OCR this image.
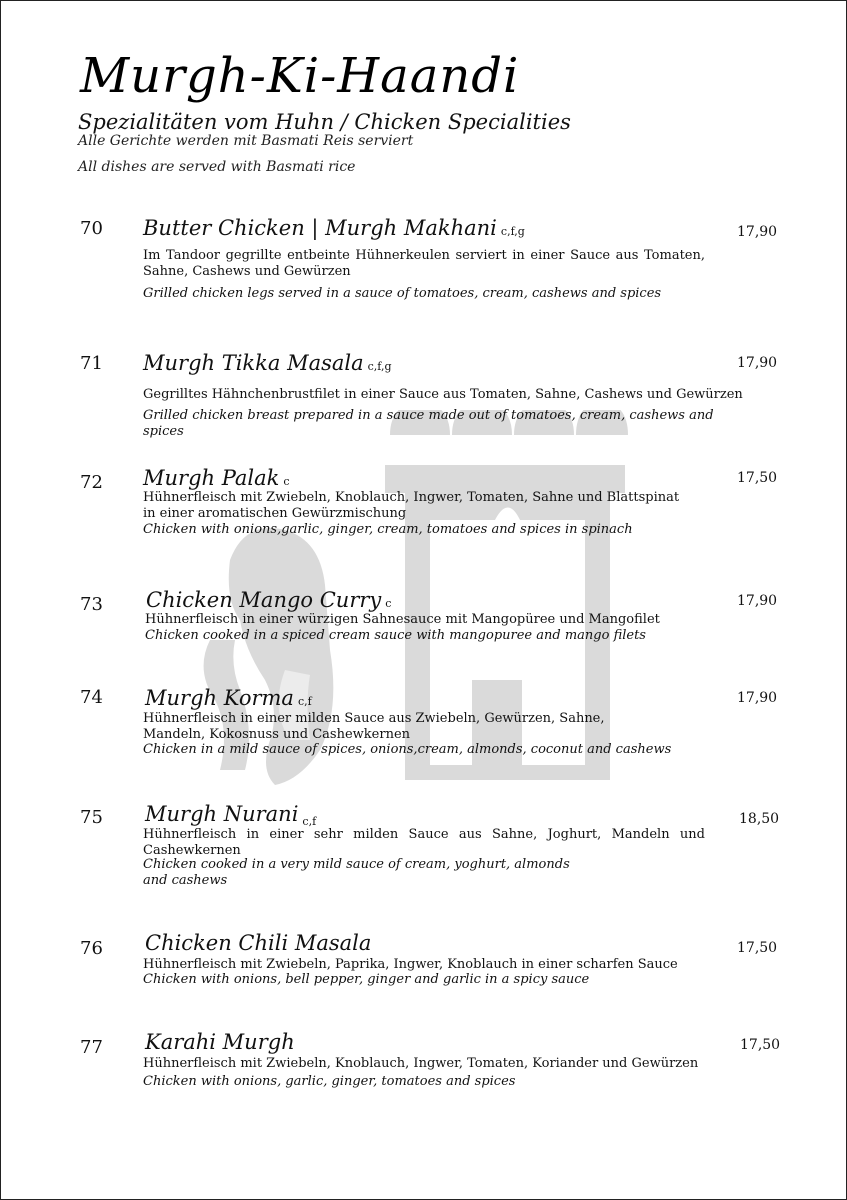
Murgh-Ki-Haandi
Spezialitäten vom Huhn / Chicken Specialities
Alle Gerichte werden mit Basmati Reis serviert
All dishes are served with Basmati rice
70 Butter Chicken | Murgh Makhani c,f,g	17,90
Im Tandoor gegrillte entbeinte Hühnerkeulen serviert in einer Sauce aus Tomaten, Sahne, Cashews und Gewürzen
Grilled chicken legs served in a sauce of tomatoes, cream, cashews and spices
71 Murgh Tikka Masala c,f,g	17,90
Gegrilltes Hähnchenbrustfilet in einer Sauce aus Tomaten, Sahne, Cashews und Gewürzen
Grilled chicken breast prepared in a sauce made out of tomatoes, cream, cashews and spices
72 Murgh Palak c	17,50
Hühnerfleisch mit Zwiebeln, Knoblauch, Ingwer, Tomaten, Sahne und Blattspinat in einer aromatischen Gewürzmischung
Chicken with onions,garlic, ginger, cream, tomatoes and spices in spinach
73 Chicken Mango Curry c	17,90
Hühnerfleisch in einer würzigen Sahnesauce mit Mangopüree und Mangofilet
Chicken cooked in a spiced cream sauce with mangopuree and mango filets
74 Murgh Korma c,f	17,90
Hühnerfleisch in einer milden Sauce aus Zwiebeln, Gewürzen, Sahne, Mandeln, Kokosnuss und Cashewkernen
Chicken in a mild sauce of spices, onions,cream, almonds, coconut and cashews
75 Murgh Nurani $_{c,f}$	18,50
Hühnerfleisch in einer sehr milden Sauce aus Sahne, Joghurt, Mandeln und Cashewkernen
Chicken cooked in a very mild sauce of cream, yoghurt, almonds and cashews
76 Chicken Chili Masala	17,50
Hühnerfleisch mit Zwiebeln, Paprika, Ingwer, Knoblauch in einer scharfen Sauce
Chicken with onions, bell pepper, ginger and garlic in a spicy sauce
77 Karahi Murgh	17,50
Hühnerfleisch mit Zwiebeln, Knoblauch, Ingwer, Tomaten, Koriander und Gewürzen
Chicken with onions, garlic, ginger, tomatoes and spices
